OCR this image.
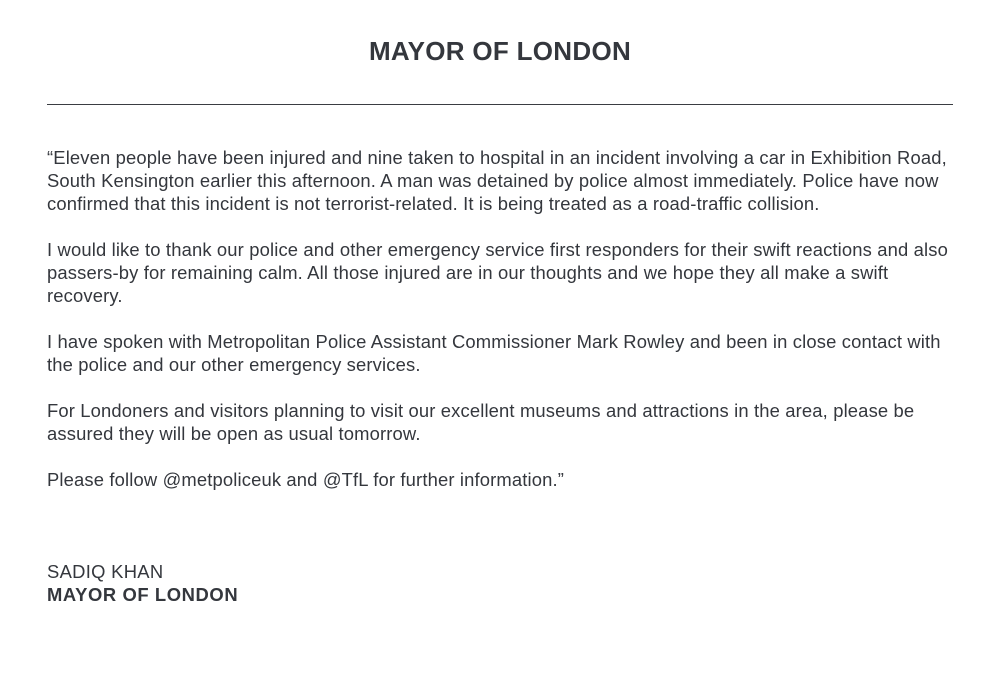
MAYOR OF LONDON

“Eleven people have been injured and nine taken to hospital in an incident involving a car in Exhibition Road, South Kensington earlier this afternoon. A man was detained by police almost immediately. Police have now confirmed that this incident is not terrorist-related. It is being treated as a road-traffic collision.

I would like to thank our police and other emergency service first responders for their swift reactions and also passers-by for remaining calm. All those injured are in our thoughts and we hope they all make a swift recovery.

I have spoken with Metropolitan Police Assistant Commissioner Mark Rowley and been in close contact with the police and our other emergency services.

For Londoners and visitors planning to visit our excellent museums and attractions in the area, please be assured they will be open as usual tomorrow.

Please follow @metpoliceuk and @TfL for further information.”

SADIQ KHAN
MAYOR OF LONDON
